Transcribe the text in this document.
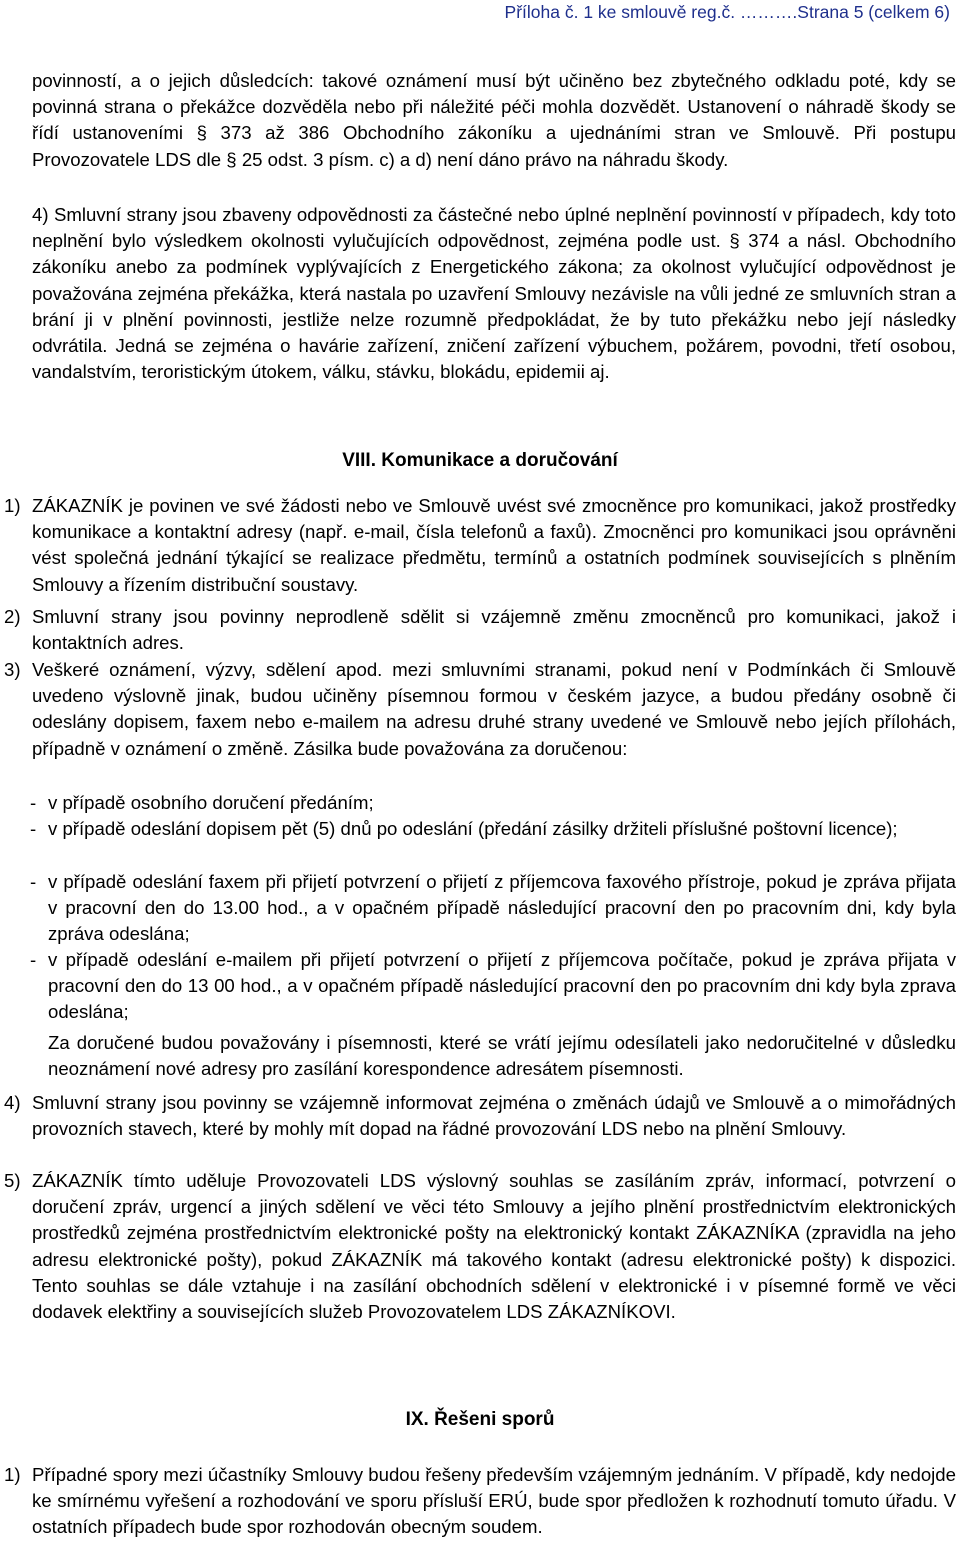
Příloha č. 1 ke smlouvě reg.č. ……….Strana 5 (celkem 6)
povinností, a o jejich důsledcích: takové oznámení musí být učiněno bez zbytečného odkladu poté, kdy se povinná strana o překážce dozvěděla nebo při náležité péči mohla dozvědět. Ustanovení o náhradě škody se řídí ustanoveními § 373 až 386 Obchodního zákoníku a ujednáními stran ve Smlouvě. Při postupu Provozovatele LDS dle § 25 odst. 3 písm. c) a d) není dáno právo na náhradu škody.
4) Smluvní strany jsou zbaveny odpovědnosti za částečné nebo úplné neplnění povinností v případech, kdy toto neplnění bylo výsledkem okolnosti vylučujících odpovědnost, zejména podle ust. § 374 a násl. Obchodního zákoníku anebo za podmínek vyplývajících z Energetického zákona; za okolnost vylučující odpovědnost je považována zejména překážka, která nastala po uzavření Smlouvy nezávisle na vůli jedné ze smluvních stran a brání ji v plnění povinnosti, jestliže nelze rozumně předpokládat, že by tuto překážku nebo její následky odvrátila. Jedná se zejména o havárie zařízení, zničení zařízení výbuchem, požárem, povodni, třetí osobou, vandalstvím, teroristickým útokem, válku, stávku, blokádu, epidemii aj.
VIII. Komunikace a doručování
1) ZÁKAZNÍK je povinen ve své žádosti nebo ve Smlouvě uvést své zmocněnce pro komunikaci, jakož prostředky komunikace a kontaktní adresy (např. e-mail, čísla telefonů a faxů). Zmocněnci pro komunikaci jsou oprávněni vést společná jednání týkající se realizace předmětu, termínů a ostatních podmínek souvisejících s plněním Smlouvy a řízením distribuční soustavy.
2) Smluvní strany jsou povinny neprodleně sdělit si vzájemně změnu zmocněnců pro komunikaci, jakož i kontaktních adres.
3) Veškeré oznámení, výzvy, sdělení apod. mezi smluvními stranami, pokud není v Podmínkách či Smlouvě uvedeno výslovně jinak, budou učiněny písemnou formou v českém jazyce, a budou předány osobně či odeslány dopisem, faxem nebo e-mailem na adresu druhé strany uvedené ve Smlouvě nebo jejích přílohách, případně v oznámení o změně. Zásilka bude považována za doručenou:
- v případě osobního doručení předáním;
- v případě odeslání dopisem pět (5) dnů po odeslání (předání zásilky držiteli příslušné poštovní licence);
- v případě odeslání faxem při přijetí potvrzení o přijetí z příjemcova faxového přístroje, pokud je zpráva přijata v pracovní den do 13.00 hod., a v opačném případě následující pracovní den po pracovním dni, kdy byla zpráva odeslána;
- v případě odeslání e-mailem při přijetí potvrzení o přijetí z příjemcova počítače, pokud je zpráva přijata v pracovní den do 13 00 hod., a v opačném případě následující pracovní den po pracovním dni kdy byla zprava odeslána;
Za doručené budou považovány i písemnosti, které se vrátí jejímu odesílateli jako nedoručitelné v důsledku neoznámení nové adresy pro zasílání korespondence adresátem písemnosti.
4) Smluvní strany jsou povinny se vzájemně informovat zejména o změnách údajů ve Smlouvě a o mimořádných provozních stavech, které by mohly mít dopad na řádné provozování LDS nebo na plnění Smlouvy.
5) ZÁKAZNÍK tímto uděluje Provozovateli LDS výslovný souhlas se zasíláním zpráv, informací, potvrzení o doručení zpráv, urgencí a jiných sdělení ve věci této Smlouvy a jejího plnění prostřednictvím elektronických prostředků zejména prostřednictvím elektronické pošty na elektronický kontakt ZÁKAZNÍKA (zpravidla na jeho adresu elektronické pošty), pokud ZÁKAZNÍK má takového kontakt (adresu elektronické pošty) k dispozici. Tento souhlas se dále vztahuje i na zasílání obchodních sdělení v elektronické i v písemné formě ve věci dodavek elektřiny a souvisejících služeb Provozovatelem LDS ZÁKAZNÍKOVI.
IX. Řešeni sporů
1) Případné spory mezi účastníky Smlouvy budou řešeny především vzájemným jednáním. V případě, kdy nedojde ke smírnému vyřešení a rozhodování ve sporu přísluší ERÚ, bude spor předložen k rozhodnutí tomuto úřadu. V ostatních případech bude spor rozhodován obecným soudem.
